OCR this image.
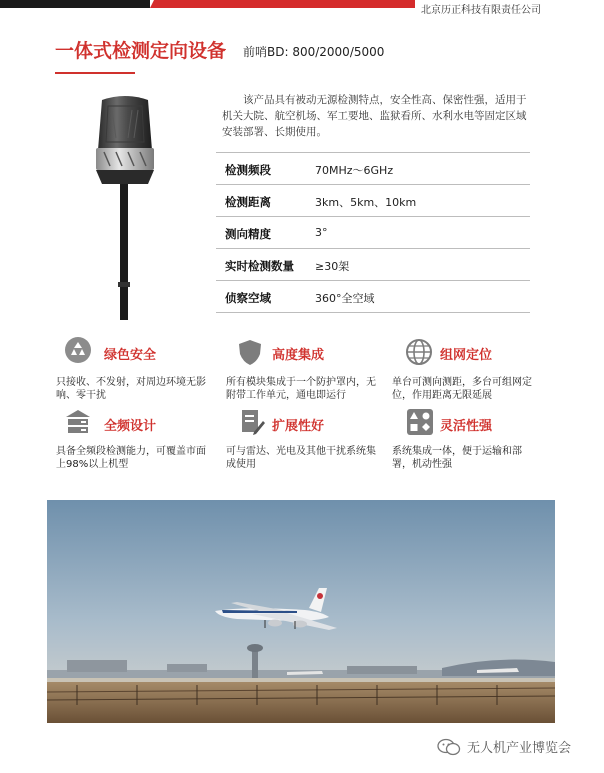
北京历正科技有限责任公司
一体式检测定向设备 前哨BD: 800/2000/5000
该产品具有被动无源检测特点，安全性高、保密性强，适用于机关大院、航空机场、军工要地、监狱看所、水利水电等固定区域安装部署、长期使用。
检测频段	70MHz～6GHz
检测距离	3km、5km、10km
测向精度	3°
实时检测数量 ≥30架
侦察空域	360°全空域
绿色安全
只接收、不发射，对周边环境无影响、零干扰
高度集成
所有模块集成于一个防护罩内，无附带工作单元，通电即运行
组网定位
单台可测向测距，多台可组网定位，作用距离无限延展
全频设计
具备全频段检测能力，可覆盖市面上98%以上机型
扩展性好
可与雷达、光电及其他干扰系统集成使用
灵活性强
系统集成一体，便于运输和部署，机动性强
无人机产业博览会
